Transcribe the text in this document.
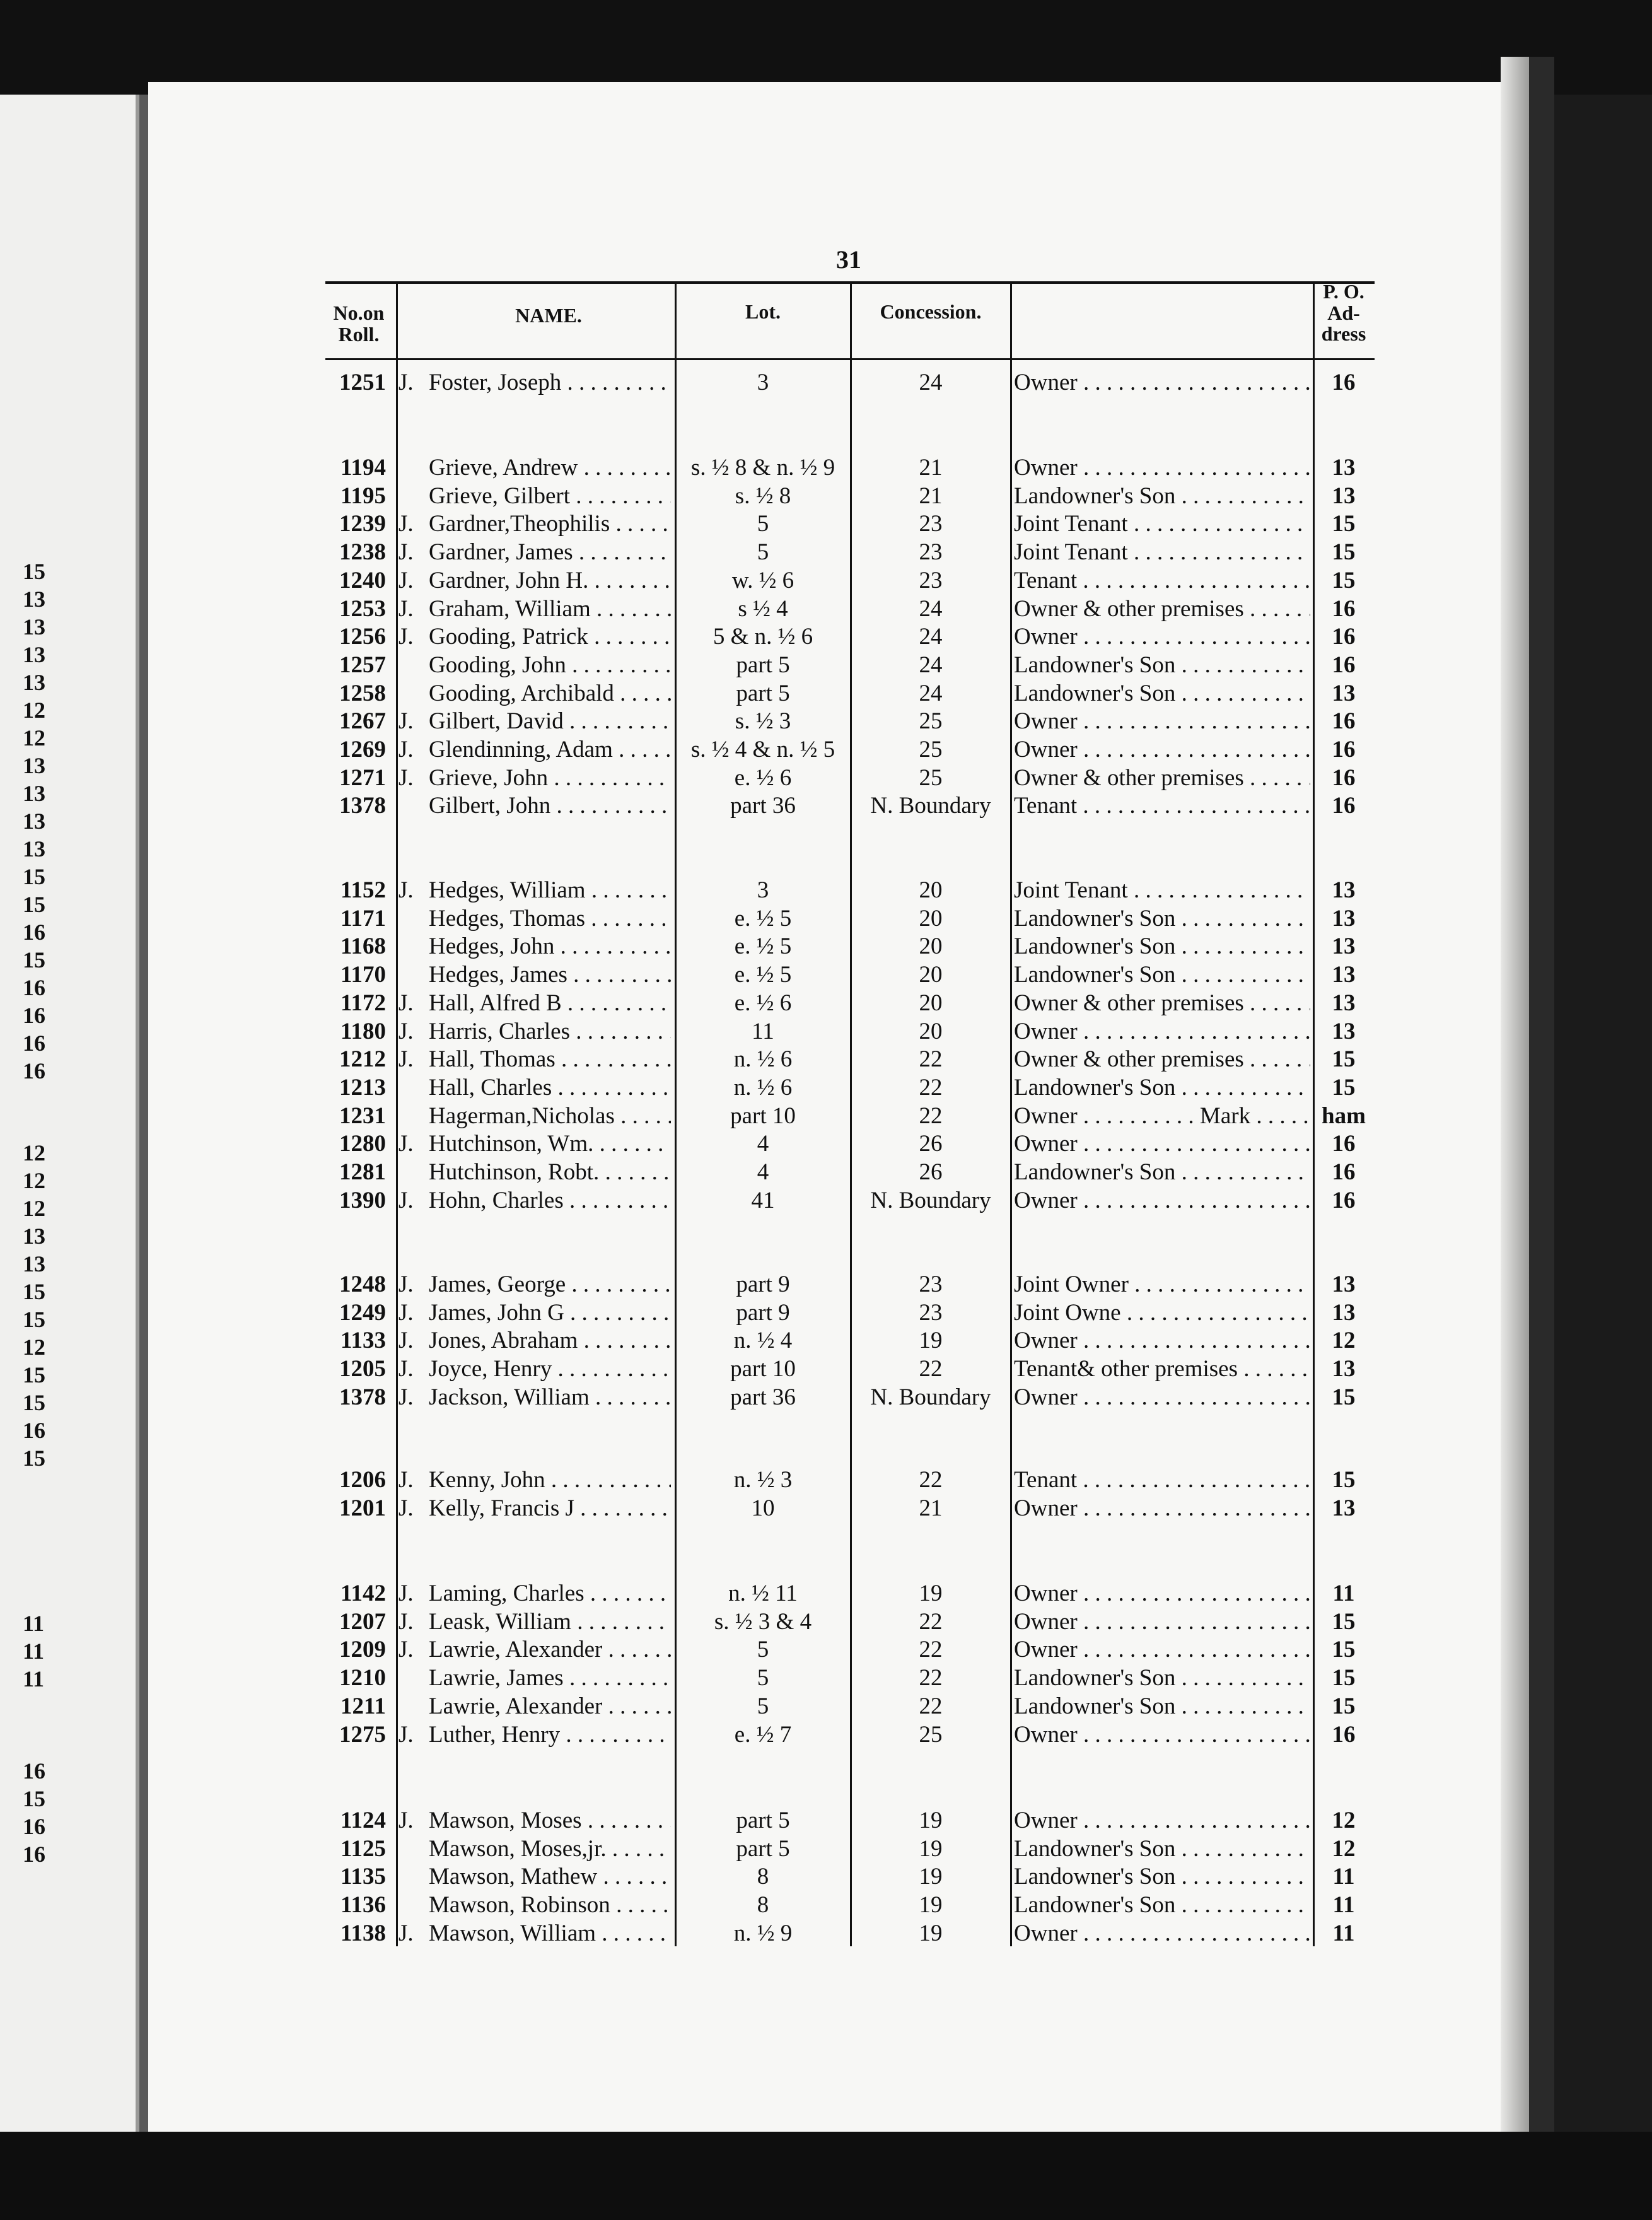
15
13
13
13
13
12
12
13
13
13
13
15
15
16
15
16
16
16
16
12
12
12
13
13
15
15
12
15
15
16
15
11
11
11
16
15
16
16
31
No.on
Roll.
NAME.	Lot.	Concession.
P. O.
Ad-
dress
1251 J. Foster, Joseph . . .	3	24	Owner . . .	16
1194 Grieve, Andrew . . .	s. ½ 8 & n. ½ 9	21	Owner . . .	13
1195 Grieve, Gilbert . . .	s. ½ 8	21	Landowner's Son . . .	13
1239 J. Gardner,Theophilis . . .	5	23	Joint Tenant . . .	15
1238 J. Gardner, James . . .	5	23	Joint Tenant . . .	15
1240 J. Gardner, John H. . . .	w. ½ 6	23	Tenant . . .	15
1253 J. Graham, William . . .	s ½ 4	24	Owner & other premises . . .	16
1256 J. Gooding, Patrick . . .	5 & n. ½ 6	24	Owner . . .	16
1257 Gooding, John . . .	part 5	24	Landowner's Son . . .	16
1258 Gooding, Archibald . . .	part 5	24	Landowner's Son . . .	13
1267 J. Gilbert, David . . .	s. ½ 3	25	Owner . . .	16
1269 J. Glendinning, Adam . . .	s. ½ 4 & n. ½ 5	25	Owner . . .	16
1271 J. Grieve, John . . .	e. ½ 6	25	Owner & other premises . . .	16
1378 Gilbert, John . . .	part 36	N. Boundary Tenant . . .	16
1152 J. Hedges, William . . .	3	20	Joint Tenant . . .	13
1171 Hedges, Thomas . . .	e. ½ 5	20	Landowner's Son . . .	13
1168 Hedges, John . . .	e. ½ 5	20	Landowner's Son . . .	13
1170 Hedges, James . . .	e. ½ 5	20	Landowner's Son . . .	13
1172 J. Hall, Alfred B . . .	e. ½ 6	20	Owner & other premises . . .	13
1180 J. Harris, Charles . . .	11	20	Owner . . .	13
1212 J. Hall, Thomas . . .	n. ½ 6	22	Owner & other premises . . .	15
1213 Hall, Charles . . .	n. ½ 6	22	Landowner's Son . . .	15
1231 Hagerman,Nicholas . . .	part 10	22	Owner . . . . . . . . . . Mark . . .	ham
1280 J. Hutchinson, Wm. . . .	4	26	Owner . . .	16
1281 Hutchinson, Robt. . . .	4	26	Landowner's Son . . .	16
1390 J. Hohn, Charles . . .	41	N. Boundary Owner . . .	16
1248 J. James, George . . .	part 9	23	Joint Owner . . .	13
1249 J. James, John G . . .	part 9	23	Joint Owne . . .	13
1133 J. Jones, Abraham . . .	n. ½ 4	19	Owner . . .	12
1205 J. Joyce, Henry . . .	part 10	22	Tenant& other premises . . .	13
1378 J. Jackson, William . . .	part 36	N. Boundary Owner . . .	15
1206 J. Kenny, John . . .	n. ½ 3	22	Tenant . . .	15
1201 J. Kelly, Francis J . . .	10	21	Owner . . .	13
1142 J. Laming, Charles . . .	n. ½ 11	19	Owner . . .	11
1207 J. Leask, William . . .	s. ½ 3 & 4	22	Owner . . .	15
1209 J. Lawrie, Alexander . . .	5	22	Owner . . .	15
1210 Lawrie, James . . .	5	22	Landowner's Son . . .	15
1211 Lawrie, Alexander . . .	5	22	Landowner's Son . . .	15
1275 J. Luther, Henry . . .	e. ½ 7	25	Owner . . .	16
1124 J. Mawson, Moses . . .	part 5	19	Owner . . .	12
1125 Mawson, Moses,jr. . . .	part 5	19	Landowner's Son . . .	12
1135 Mawson, Mathew . . .	8	19	Landowner's Son . . .	11
1136 Mawson, Robinson . . .	8	19	Landowner's Son . . .	11
1138 J. Mawson, William . . .	n. ½ 9	19	Owner . . .	11
